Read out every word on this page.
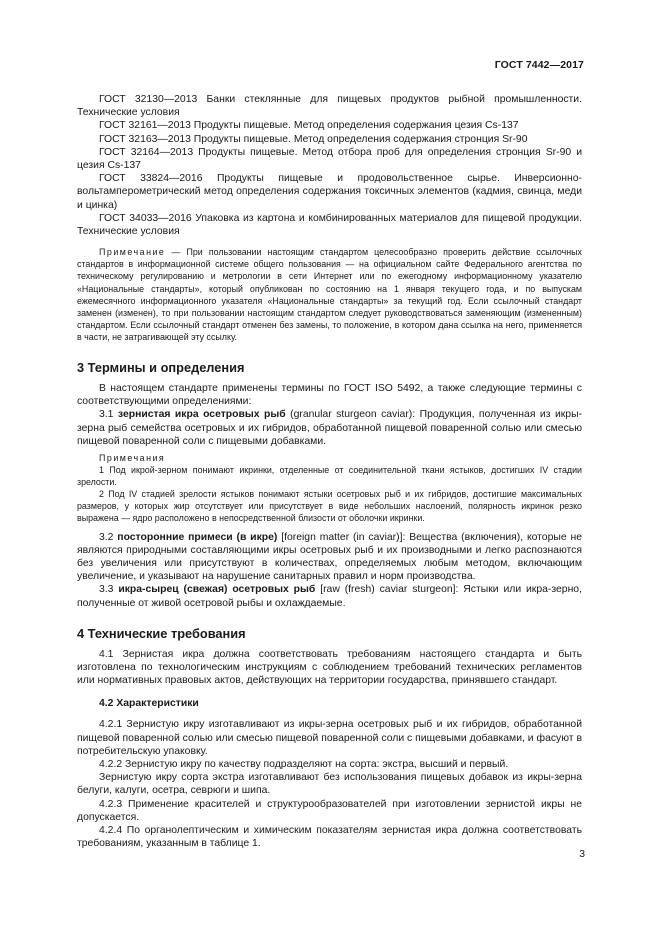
ГОСТ 7442—2017

ГОСТ 32130—2013 Банки стеклянные для пищевых продуктов рыбной промышленности. Технические условия

ГОСТ 32161—2013 Продукты пищевые. Метод определения содержания цезия Cs-137

ГОСТ 32163—2013 Продукты пищевые. Метод определения содержания стронция Sr-90

ГОСТ 32164—2013 Продукты пищевые. Метод отбора проб для определения стронция Sr-90 и цезия Cs-137

ГОСТ 33824—2016 Продукты пищевые и продовольственное сырье. Инверсионно-вольтамперометрический метод определения содержания токсичных элементов (кадмия, свинца, меди и цинка)

ГОСТ 34033—2016 Упаковка из картона и комбинированных материалов для пищевой продукции. Технические условия

Примечание — При пользовании настоящим стандартом целесообразно проверить действие ссылочных стандартов в информационной системе общего пользования — на официальном сайте Федерального агентства по техническому регулированию и метрологии в сети Интернет или по ежегодному информационному указателю «Национальные стандарты», который опубликован по состоянию на 1 января текущего года, и по выпускам ежемесячного информационного указателя «Национальные стандарты» за текущий год. Если ссылочный стандарт заменен (изменен), то при пользовании настоящим стандартом следует руководствоваться заменяющим (измененным) стандартом. Если ссылочный стандарт отменен без замены, то положение, в котором дана ссылка на него, применяется в части, не затрагивающей эту ссылку.

3 Термины и определения

В настоящем стандарте применены термины по ГОСТ ISO 5492, а также следующие термины с соответствующими определениями:

3.1 зернистая икра осетровых рыб (granular sturgeon caviar): Продукция, полученная из икры-зерна рыб семейства осетровых и их гибридов, обработанной пищевой поваренной солью или смесью пищевой поваренной соли с пищевыми добавками.

Примечания

1 Под икрой-зерном понимают икринки, отделенные от соединительной ткани ястыков, достигших IV стадии зрелости.

2 Под IV стадией зрелости ястыков понимают ястыки осетровых рыб и их гибридов, достигшие максимальных размеров, у которых жир отсутствует или присутствует в виде небольших наслоений, полярность икринок резко выражена — ядро расположено в непосредственной близости от оболочки икринки.

3.2 посторонние примеси (в икре) [foreign matter (in caviar)]: Вещества (включения), которые не являются природными составляющими икры осетровых рыб и их производными и легко распознаются без увеличения или присутствуют в количествах, определяемых любым методом, включающим увеличение, и указывают на нарушение санитарных правил и норм производства.

3.3 икра-сырец (свежая) осетровых рыб [raw (fresh) caviar sturgeon]: Ястыки или икра-зерно, полученные от живой осетровой рыбы и охлаждаемые.

4 Технические требования

4.1 Зернистая икра должна соответствовать требованиям настоящего стандарта и быть изготовлена по технологическим инструкциям с соблюдением требований технических регламентов или нормативных правовых актов, действующих на территории государства, принявшего стандарт.

4.2 Характеристики

4.2.1 Зернистую икру изготавливают из икры-зерна осетровых рыб и их гибридов, обработанной пищевой поваренной солью или смесью пищевой поваренной соли с пищевыми добавками, и фасуют в потребительскую упаковку.

4.2.2 Зернистую икру по качеству подразделяют на сорта: экстра, высший и первый.

Зернистую икру сорта экстра изготавливают без использования пищевых добавок из икры-зерна белуги, калуги, осетра, севрюги и шипа.

4.2.3 Применение красителей и структурообразователей при изготовлении зернистой икры не допускается.

4.2.4 По органолептическим и химическим показателям зернистая икра должна соответствовать требованиям, указанным в таблице 1.

3
